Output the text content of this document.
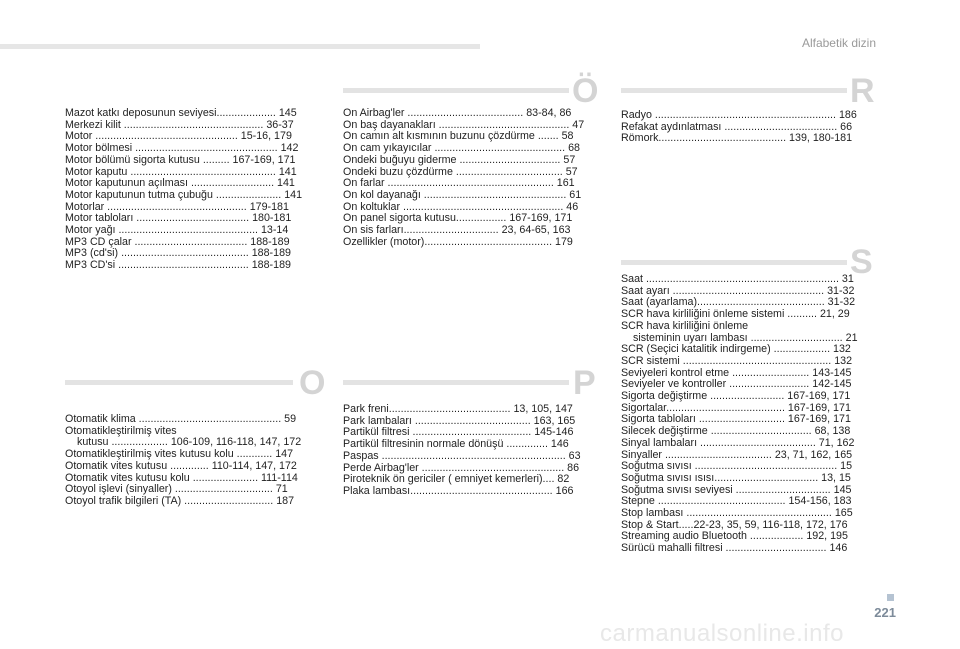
Alfabetik dizin
Mazot katkı deposunun seviyesi.................... 145
Merkezi kilit ............................................... 36-37
Motor ................................................ 15-16, 179
Motor bölmesi ................................................ 142
Motor bölümü sigorta kutusu ......... 167-169, 171
Motor kaputu ................................................. 141
Motor kaputunun açılması ............................ 141
Motor kaputunun tutma çubuğu ...................... 141
Motorlar ............................................... 179-181
Motor tabloları ...................................... 180-181
Motor yağı ............................................... 13-14
MP3 CD çalar ...................................... 188-189
MP3 (cd'si) ........................................... 188-189
MP3 CD'si ............................................ 188-189
O
Otomatik klima ................................................ 59
Otomatikleştirilmiş vites
kutusu ................... 106-109, 116-118, 147, 172
Otomatikleştirilmiş vites kutusu kolu ............ 147
Otomatik vites kutusu ............. 110-114, 147, 172
Otomatik vites kutusu kolu ...................... 111-114
Otoyol işlevi (sinyaller) ................................. 71
Otoyol trafik bilgileri (TA) .............................. 187
Ö
Ön Airbag'ler ....................................... 83-84, 86
Ön baş dayanakları ............................................ 47
Ön camın alt kısmının buzunu çözdürme ....... 58
Ön cam yıkayıcılar ............................................ 68
Öndeki buğuyu giderme .................................. 57
Öndeki buzu çözdürme .................................... 57
Ön farlar ........................................................ 161
Ön kol dayanağı ................................................ 61
Ön koltuklar ...................................................... 46
Ön panel sigorta kutusu................. 167-169, 171
Ön sis farları................................ 23, 64-65, 163
Özellikler (motor)........................................... 179
P
Park freni......................................... 13, 105, 147
Park lambaları ....................................... 163, 165
Partikül filtresi ........................................ 145-146
Partikül filtresinin normale dönüşü .............. 146
Paspas .............................................................. 63
Perde Airbag'ler ................................................ 86
Piroteknik ön gericiler ( emniyet kemerleri).... 82
Plaka lambası................................................ 166
R
Radyo ............................................................. 186
Refakat aydınlatması ...................................... 66
Römork........................................... 139, 180-181
S
Saat ................................................................. 31
Saat ayarı ................................................... 31-32
Saat (ayarlama)........................................... 31-32
SCR hava kirliliğini önleme sistemi .......... 21, 29
SCR hava kirliliğini önleme
sisteminin uyarı lambası ............................... 21
SCR (Seçici katalitik indirgeme) ................... 132
SCR sistemi .................................................. 132
Seviyeleri kontrol etme .......................... 143-145
Seviyeler ve kontroller ........................... 142-145
Sigorta değiştirme ......................... 167-169, 171
Sigortalar........................................ 167-169, 171
Sigorta tabloları ............................. 167-169, 171
Silecek değiştirme .................................. 68, 138
Sinyal lambaları ....................................... 71, 162
Sinyaller .................................... 23, 71, 162, 165
Soğutma sıvısı ................................................ 15
Soğutma sıvısı ısısı................................... 13, 15
Soğutma sıvısı seviyesi ................................ 145
Stepne ........................................... 154-156, 183
Stop lambası ................................................. 165
Stop & Start.....22-23, 35, 59, 116-118, 172, 176
Streaming audio Bluetooth .................. 192, 195
Sürücü mahalli filtresi .................................. 146
221
carmanualsonline.info
